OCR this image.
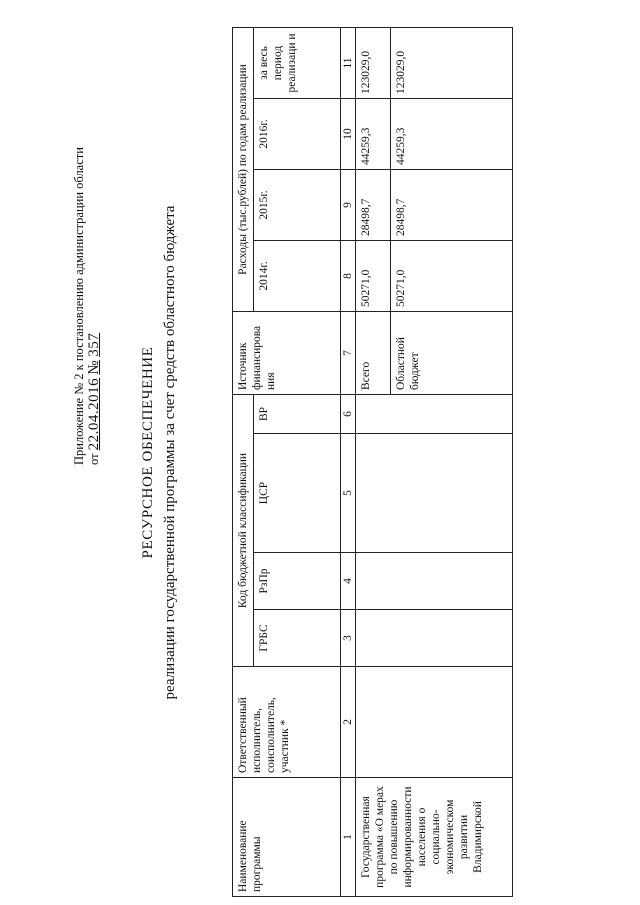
Приложение № 2 к постановлению администрации области от 22.04.2016 № 357
РЕСУРСНОЕ ОБЕСПЕЧЕНИЕ реализации государственной программы за счет средств областного бюджета
Наименование программы	Ответственный исполнитель, соисполнитель, участник *	Код бюджетной классификации				Источник финансирова ния	Расходы (тыс.рублей) по годам реализации			
		ГРБС	РзПр	ЦСР	ВР		2014г.	2015г.	2016г.	за весь период реализаци и
1	2	3	4	5	6	7	8	9	10	11
Государственная программа «О мерах по повышению информированности населения о социально-экономическом развитии Владимирской						Всего	50271,0	28498,7	44259,3	123029,0
						Областной бюджет	50271,0	28498,7	44259,3	123029,0
